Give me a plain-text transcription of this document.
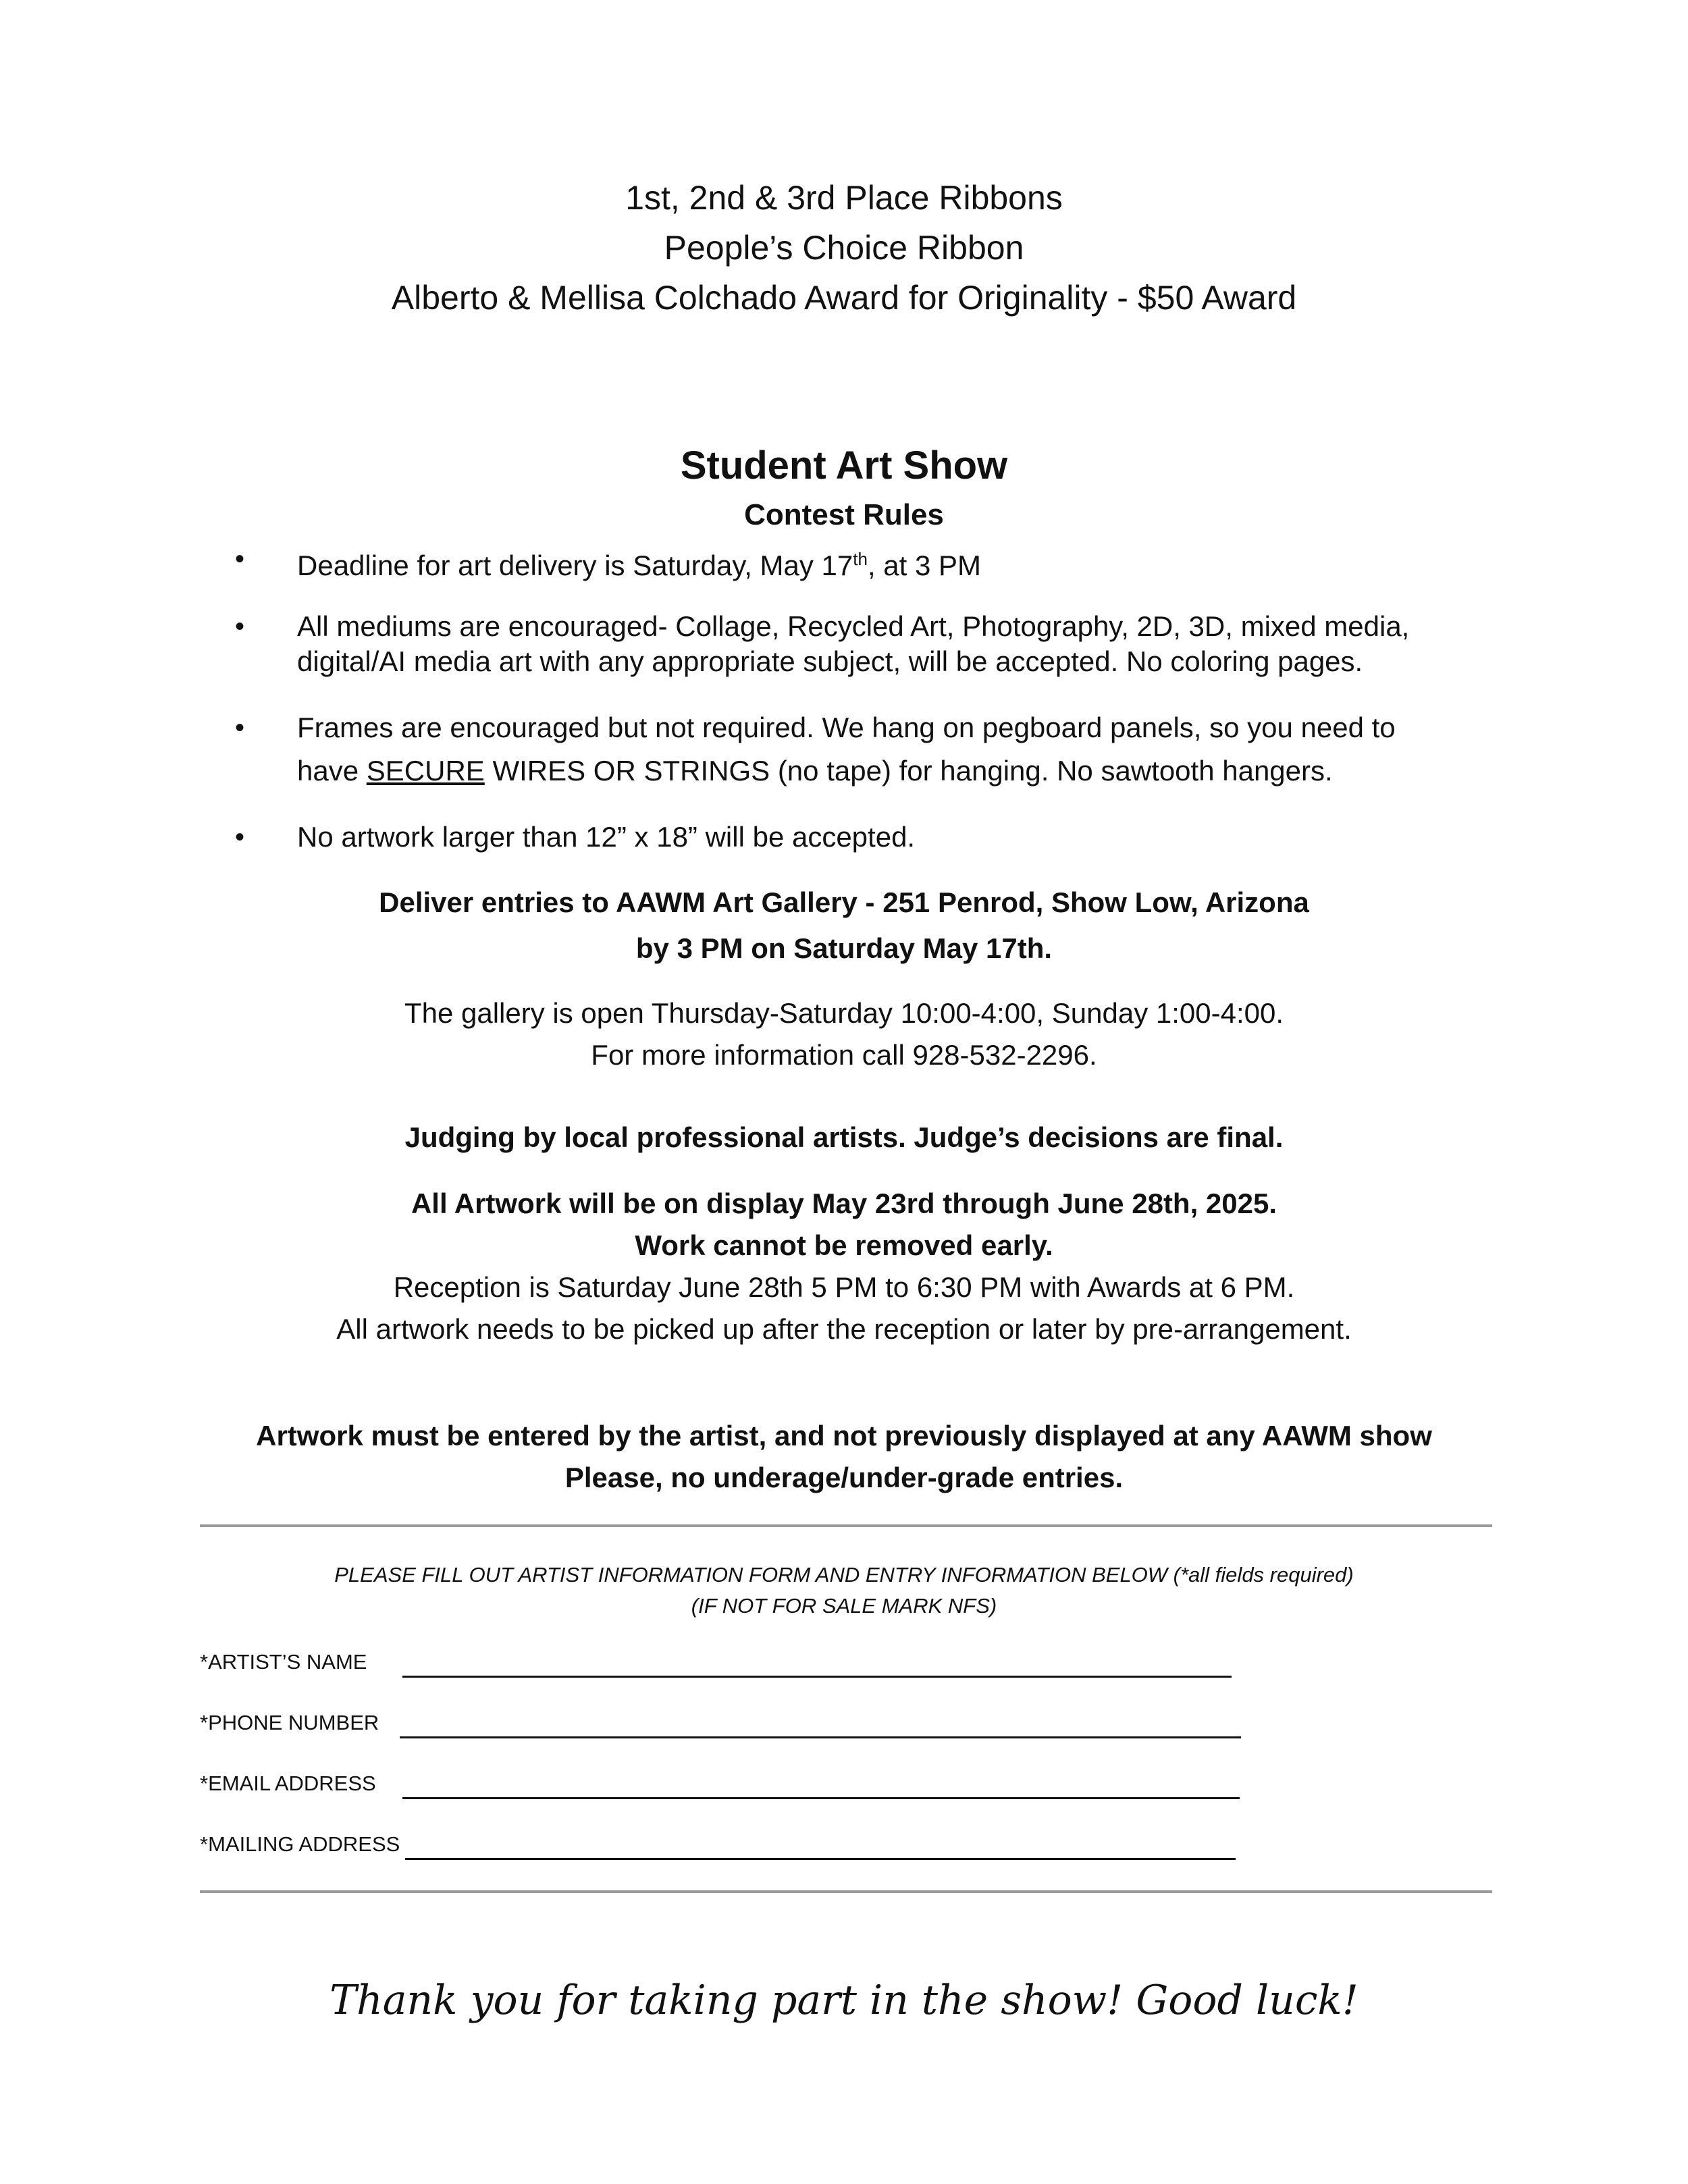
1st, 2nd & 3rd Place Ribbons
People’s Choice Ribbon
Alberto & Mellisa Colchado Award for Originality - $50 Award
Student Art Show
Contest Rules
• Deadline for art delivery is Saturday, May 17th, at 3 PM
• All mediums are encouraged- Collage, Recycled Art, Photography, 2D, 3D, mixed media,
digital/AI media art with any appropriate subject, will be accepted. No coloring pages.
• Frames are encouraged but not required. We hang on pegboard panels, so you need to
have SECURE WIRES OR STRINGS (no tape) for hanging. No sawtooth hangers.
• No artwork larger than 12” x 18” will be accepted.
Deliver entries to AAWM Art Gallery - 251 Penrod, Show Low, Arizona
by 3 PM on Saturday May 17th.
The gallery is open Thursday-Saturday 10:00-4:00, Sunday 1:00-4:00.
For more information call 928-532-2296.
Judging by local professional artists. Judge’s decisions are final.
All Artwork will be on display May 23rd through June 28th, 2025.
Work cannot be removed early.
Reception is Saturday June 28th 5 PM to 6:30 PM with Awards at 6 PM.
All artwork needs to be picked up after the reception or later by pre-arrangement.
Artwork must be entered by the artist, and not previously displayed at any AAWM show
Please, no underage/under-grade entries.
PLEASE FILL OUT ARTIST INFORMATION FORM AND ENTRY INFORMATION BELOW (*all fields required)
(IF NOT FOR SALE MARK NFS)
*ARTIST’S NAME
*PHONE NUMBER
*EMAIL ADDRESS
*MAILING ADDRESS
Thank you for taking part in the show! Good luck!
